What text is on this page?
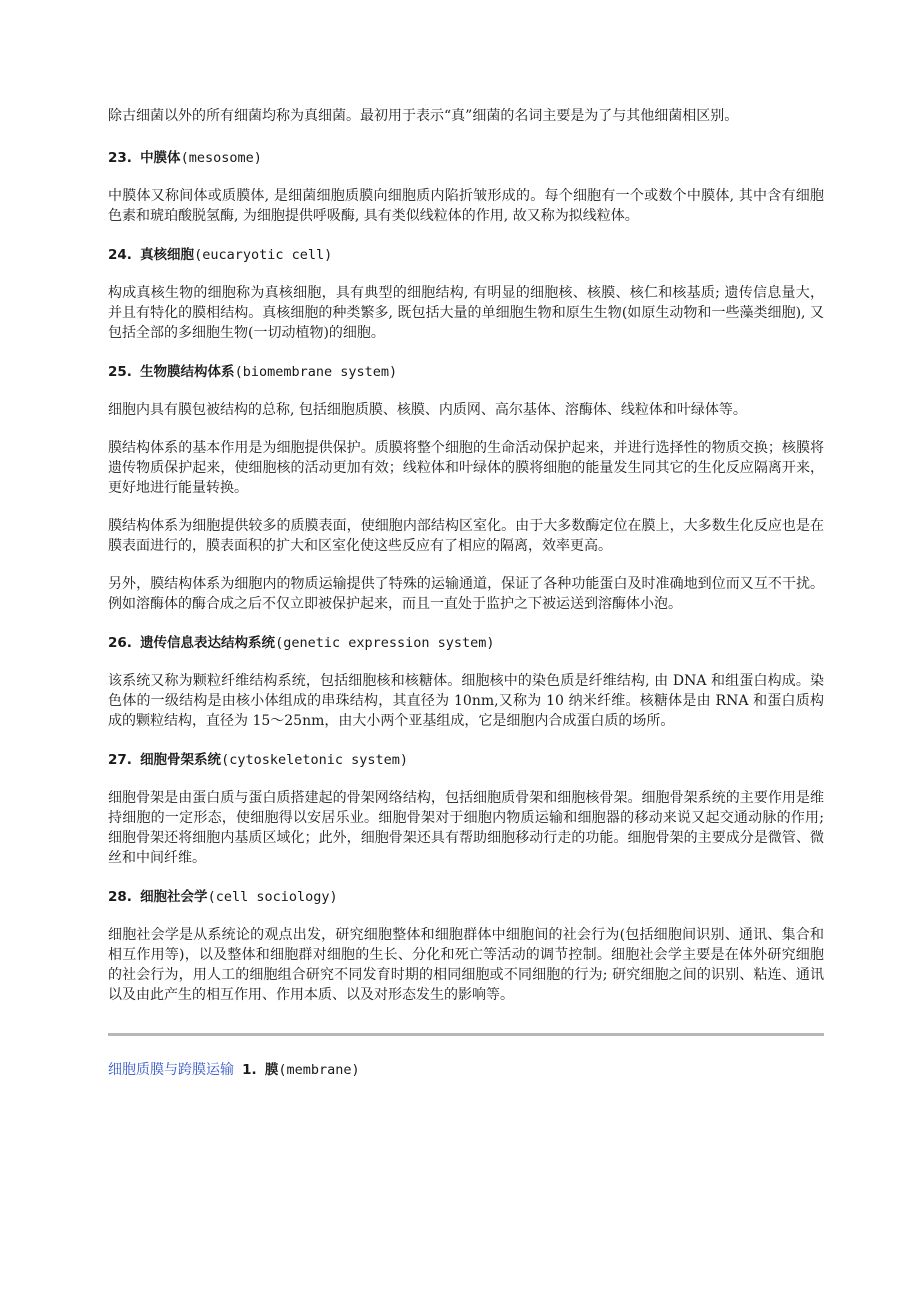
除古细菌以外的所有细菌均称为真细菌。最初用于表示“真”细菌的名词主要是为了与其他细菌相区别。

23. 中膜体(mesosome)

中膜体又称间体或质膜体, 是细菌细胞质膜向细胞质内陷折皱形成的。每个细胞有一个或数个中膜体, 其中含有细胞色素和琥珀酸脱氢酶, 为细胞提供呼吸酶, 具有类似线粒体的作用, 故又称为拟线粒体。

24. 真核细胞(eucaryotic cell)

构成真核生物的细胞称为真核细胞，具有典型的细胞结构, 有明显的细胞核、核膜、核仁和核基质; 遗传信息量大，并且有特化的膜相结构。真核细胞的种类繁多, 既包括大量的单细胞生物和原生生物(如原生动物和一些藻类细胞), 又包括全部的多细胞生物(一切动植物)的细胞。

25. 生物膜结构体系(biomembrane system)

细胞内具有膜包被结构的总称, 包括细胞质膜、核膜、内质网、高尔基体、溶酶体、线粒体和叶绿体等。

膜结构体系的基本作用是为细胞提供保护。质膜将整个细胞的生命活动保护起来，并进行选择性的物质交换；核膜将遗传物质保护起来，使细胞核的活动更加有效；线粒体和叶绿体的膜将细胞的能量发生同其它的生化反应隔离开来，更好地进行能量转换。

膜结构体系为细胞提供较多的质膜表面，使细胞内部结构区室化。由于大多数酶定位在膜上，大多数生化反应也是在膜表面进行的，膜表面积的扩大和区室化使这些反应有了相应的隔离，效率更高。

另外，膜结构体系为细胞内的物质运输提供了特殊的运输通道，保证了各种功能蛋白及时准确地到位而又互不干扰。例如溶酶体的酶合成之后不仅立即被保护起来，而且一直处于监护之下被运送到溶酶体小泡。

26. 遗传信息表达结构系统(genetic expression system)

该系统又称为颗粒纤维结构系统，包括细胞核和核糖体。细胞核中的染色质是纤维结构, 由 DNA 和组蛋白构成。染色体的一级结构是由核小体组成的串珠结构，其直径为 10nm,又称为 10 纳米纤维。核糖体是由 RNA 和蛋白质构成的颗粒结构，直径为 15～25nm，由大小两个亚基组成，它是细胞内合成蛋白质的场所。

27. 细胞骨架系统(cytoskeletonic system)

细胞骨架是由蛋白质与蛋白质搭建起的骨架网络结构，包括细胞质骨架和细胞核骨架。细胞骨架系统的主要作用是维持细胞的一定形态，使细胞得以安居乐业。细胞骨架对于细胞内物质运输和细胞器的移动来说又起交通动脉的作用; 细胞骨架还将细胞内基质区域化；此外，细胞骨架还具有帮助细胞移动行走的功能。细胞骨架的主要成分是微管、微丝和中间纤维。

28. 细胞社会学(cell sociology)

细胞社会学是从系统论的观点出发，研究细胞整体和细胞群体中细胞间的社会行为(包括细胞间识别、通讯、集合和相互作用等)，以及整体和细胞群对细胞的生长、分化和死亡等活动的调节控制。细胞社会学主要是在体外研究细胞的社会行为，用人工的细胞组合研究不同发育时期的相同细胞或不同细胞的行为; 研究细胞之间的识别、粘连、通讯以及由此产生的相互作用、作用本质、以及对形态发生的影响等。

细胞质膜与跨膜运输 1. 膜(membrane)
